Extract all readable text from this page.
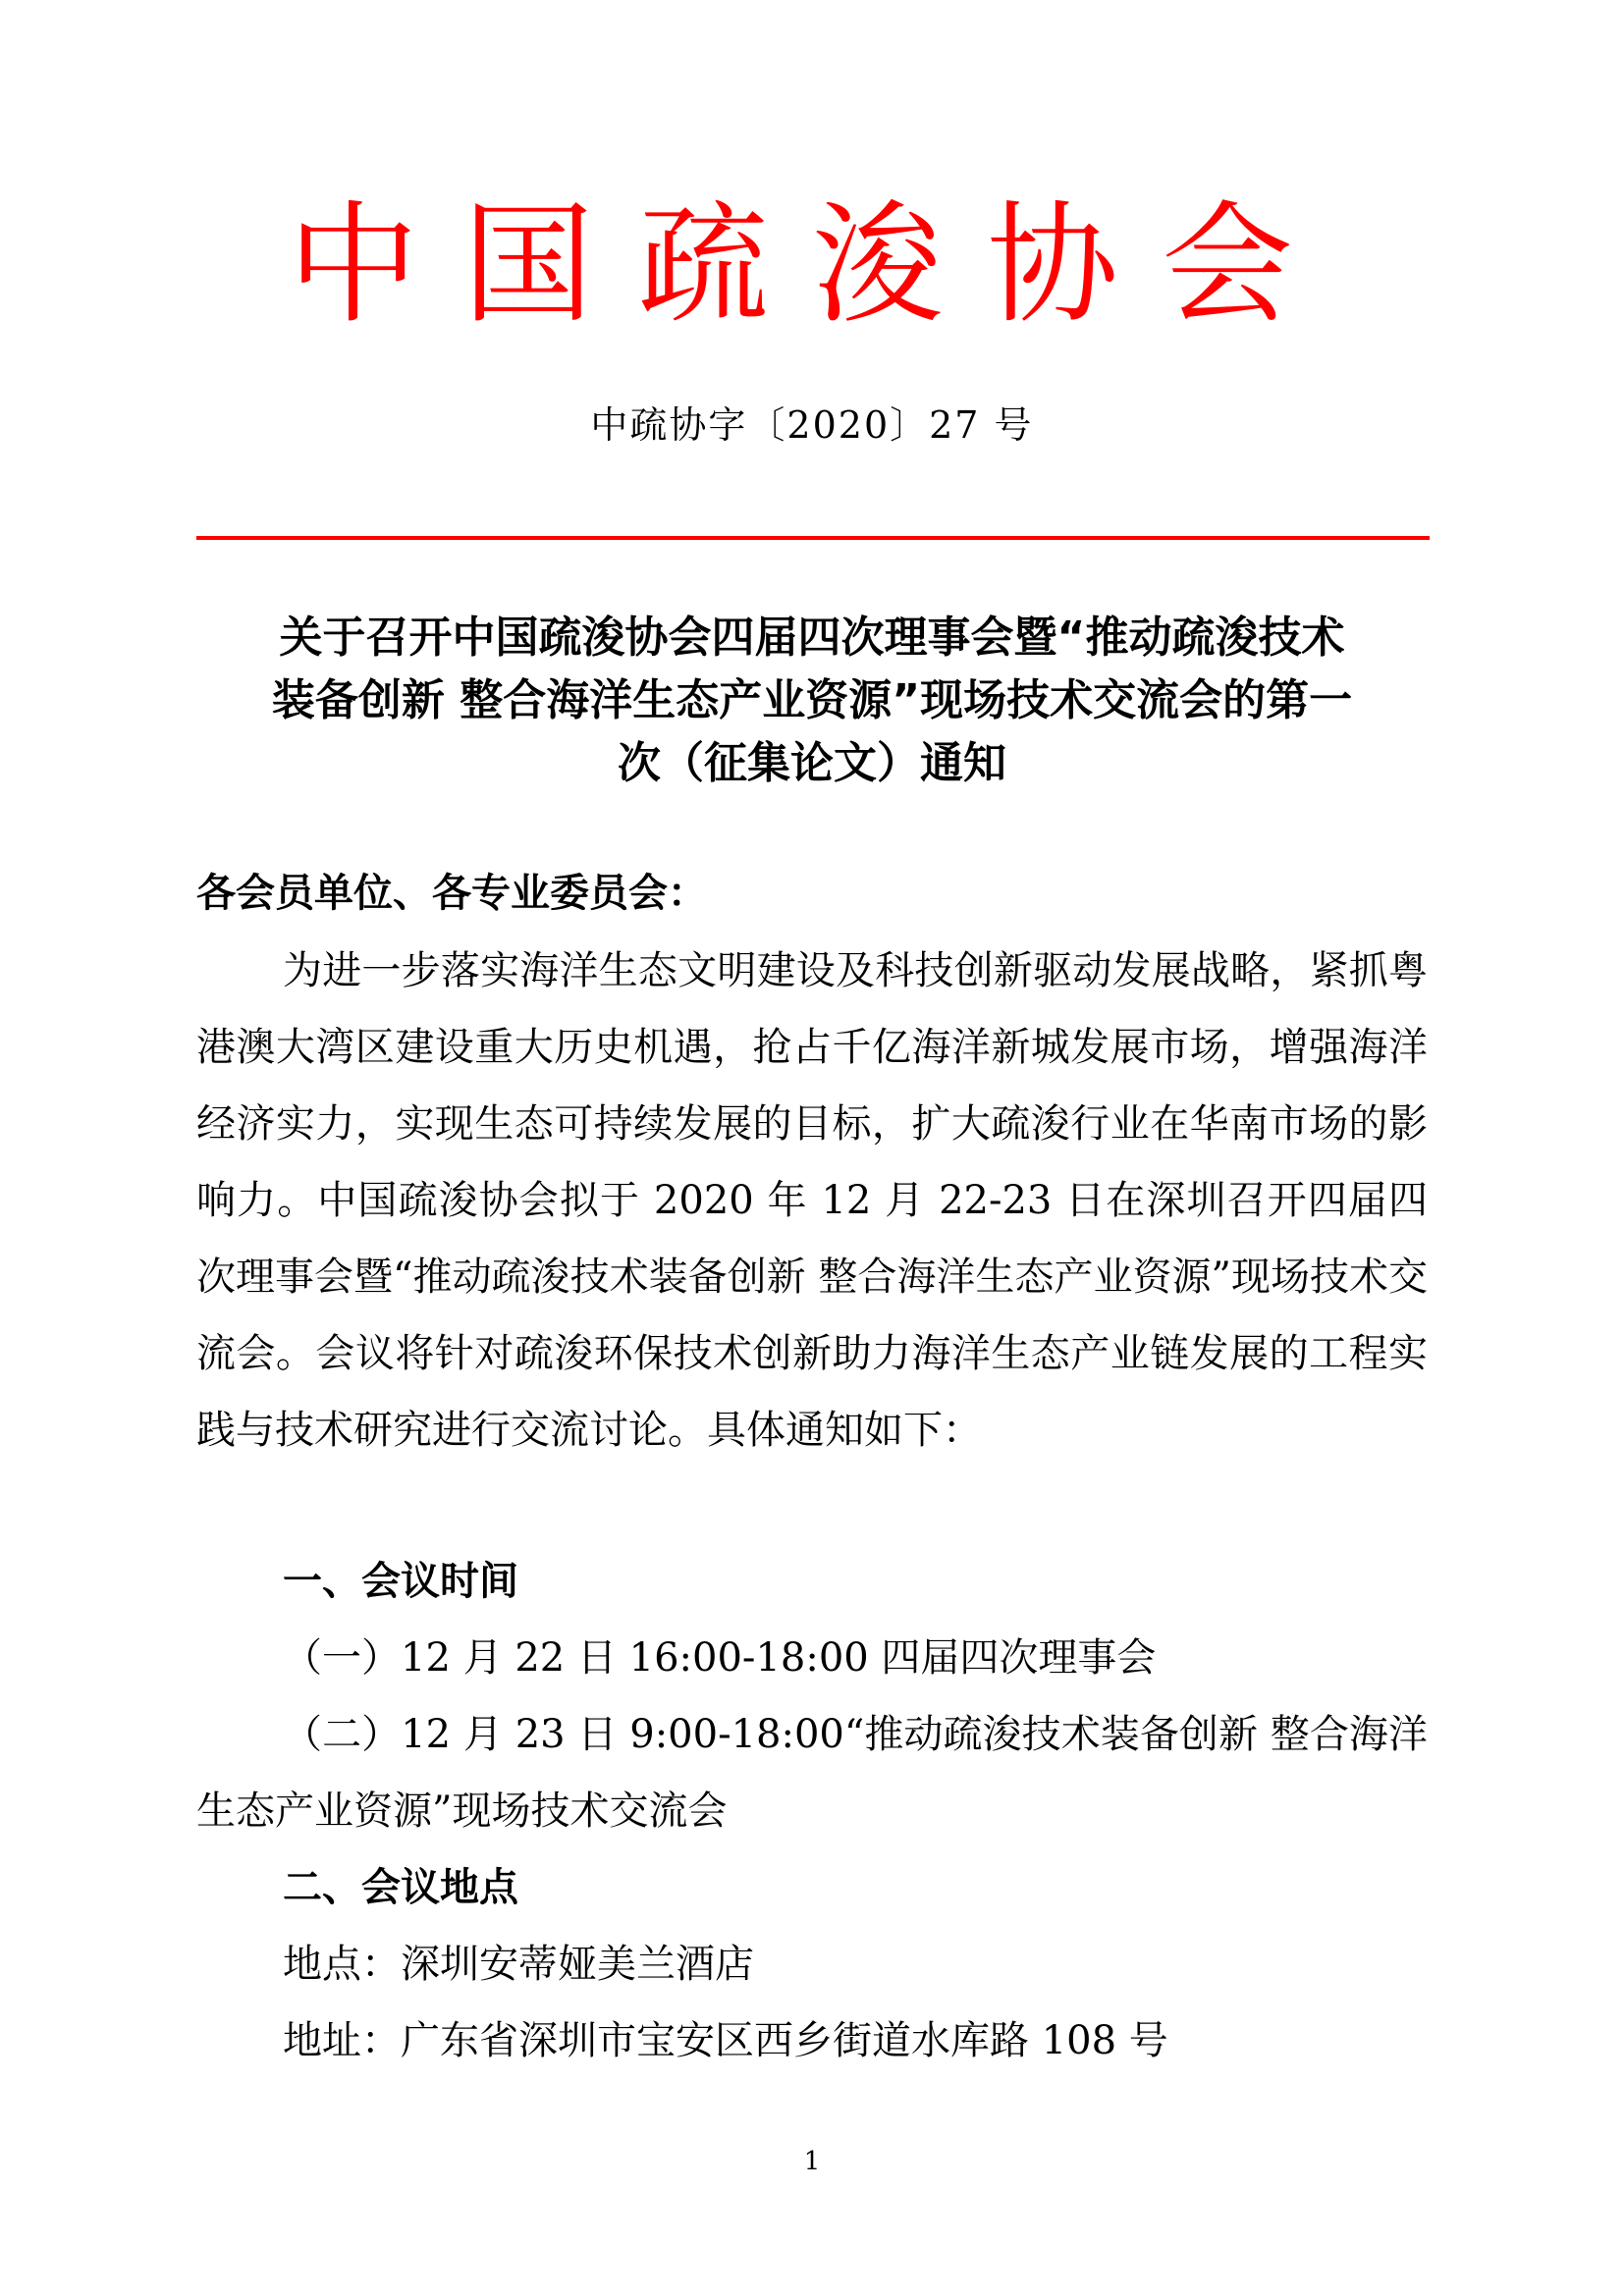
中国疏浚协会
中疏协字〔2020〕27 号
关于召开中国疏浚协会四届四次理事会暨“推动疏浚技术
装备创新 整合海洋生态产业资源”现场技术交流会的第一
次（征集论文）通知
各会员单位、各专业委员会：
为进一步落实海洋生态文明建设及科技创新驱动发展战略，紧抓粤港澳大湾区建设重大历史机遇，抢占千亿海洋新城发展市场，增强海洋经济实力，实现生态可持续发展的目标，扩大疏浚行业在华南市场的影响力。中国疏浚协会拟于 2020 年 12 月 22-23 日在深圳召开四届四次理事会暨“推动疏浚技术装备创新 整合海洋生态产业资源”现场技术交流会。会议将针对疏浚环保技术创新助力海洋生态产业链发展的工程实践与技术研究进行交流讨论。具体通知如下：
一、会议时间
（一）12 月 22 日 16:00-18:00 四届四次理事会
（二）12 月 23 日 9:00-18:00“推动疏浚技术装备创新 整合海洋生态产业资源”现场技术交流会
二、会议地点
地点：深圳安蒂娅美兰酒店
地址：广东省深圳市宝安区西乡街道水库路 108 号
1
